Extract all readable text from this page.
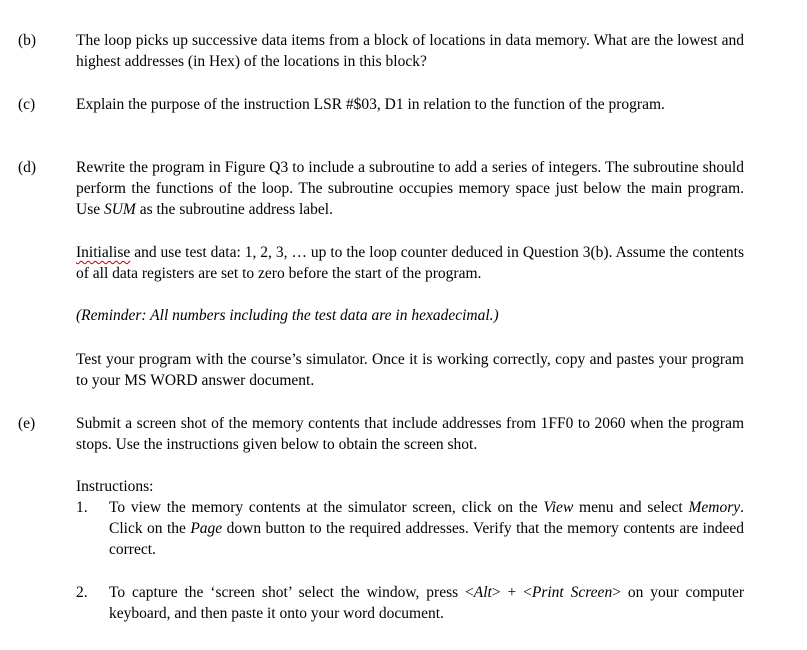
(b)	The loop picks up successive data items from a block of locations in data memory. What are the lowest and highest addresses (in Hex) of the locations in this block?
(c)	Explain the purpose of the instruction LSR #$03, D1 in relation to the function of the program.
(d)	Rewrite the program in Figure Q3 to include a subroutine to add a series of integers. The subroutine should perform the functions of the loop. The subroutine occupies memory space just below the main program. Use SUM as the subroutine address label.
Initialise and use test data: 1, 2, 3, … up to the loop counter deduced in Question 3(b). Assume the contents of all data registers are set to zero before the start of the program.
(Reminder: All numbers including the test data are in hexadecimal.)
Test your program with the course’s simulator. Once it is working correctly, copy and pastes your program to your MS WORD answer document.
(e)	Submit a screen shot of the memory contents that include addresses from 1FF0 to 2060 when the program stops. Use the instructions given below to obtain the screen shot.
Instructions:
1. To view the memory contents at the simulator screen, click on the View menu and select Memory. Click on the Page down button to the required addresses. Verify that the memory contents are indeed correct.
2. To capture the ‘screen shot’ select the window, press <Alt> + <Print Screen> on your computer keyboard, and then paste it onto your word document.
